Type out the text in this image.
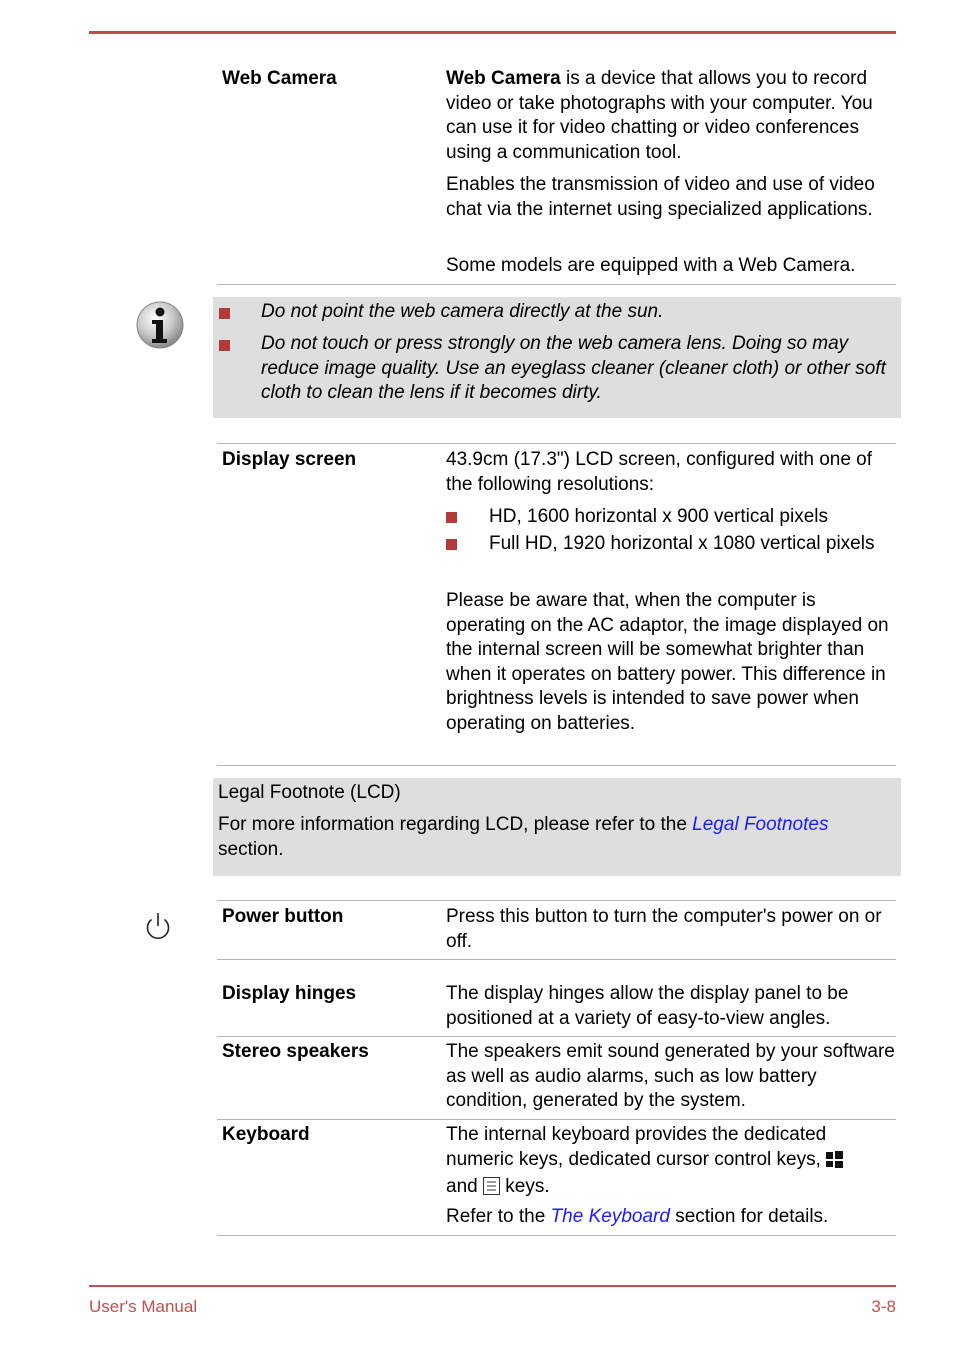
Web Camera	Web Camera is a device that allows you to record video or take photographs with your computer. You can use it for video chatting or video conferences using a communication tool.

Enables the transmission of video and use of video chat via the internet using specialized applications.

Some models are equipped with a Web Camera.

Do not point the web camera directly at the sun.
Do not touch or press strongly on the web camera lens. Doing so may reduce image quality. Use an eyeglass cleaner (cleaner cloth) or other soft cloth to clean the lens if it becomes dirty.
Display screen	43.9cm (17.3") LCD screen, configured with one of the following resolutions:

HD, 1600 horizontal x 900 vertical pixels
Full HD, 1920 horizontal x 1080 vertical pixels

Please be aware that, when the computer is operating on the AC adaptor, the image displayed on the internal screen will be somewhat brighter than when it operates on battery power. This difference in brightness levels is intended to save power when operating on batteries.

Legal Footnote (LCD)
For more information regarding LCD, please refer to the Legal Footnotes
section.
Power button	Press this button to turn the computer's power on or off.
Display hinges	The display hinges allow the display panel to be positioned at a variety of easy-to-view angles.
Stereo speakers	The speakers emit sound generated by your software as well as audio alarms, such as low battery condition, generated by the system.
Keyboard	The internal keyboard provides the dedicated numeric keys, dedicated cursor control keys,
and keys.

Refer to the The Keyboard section for details.

User's Manual	3-8
